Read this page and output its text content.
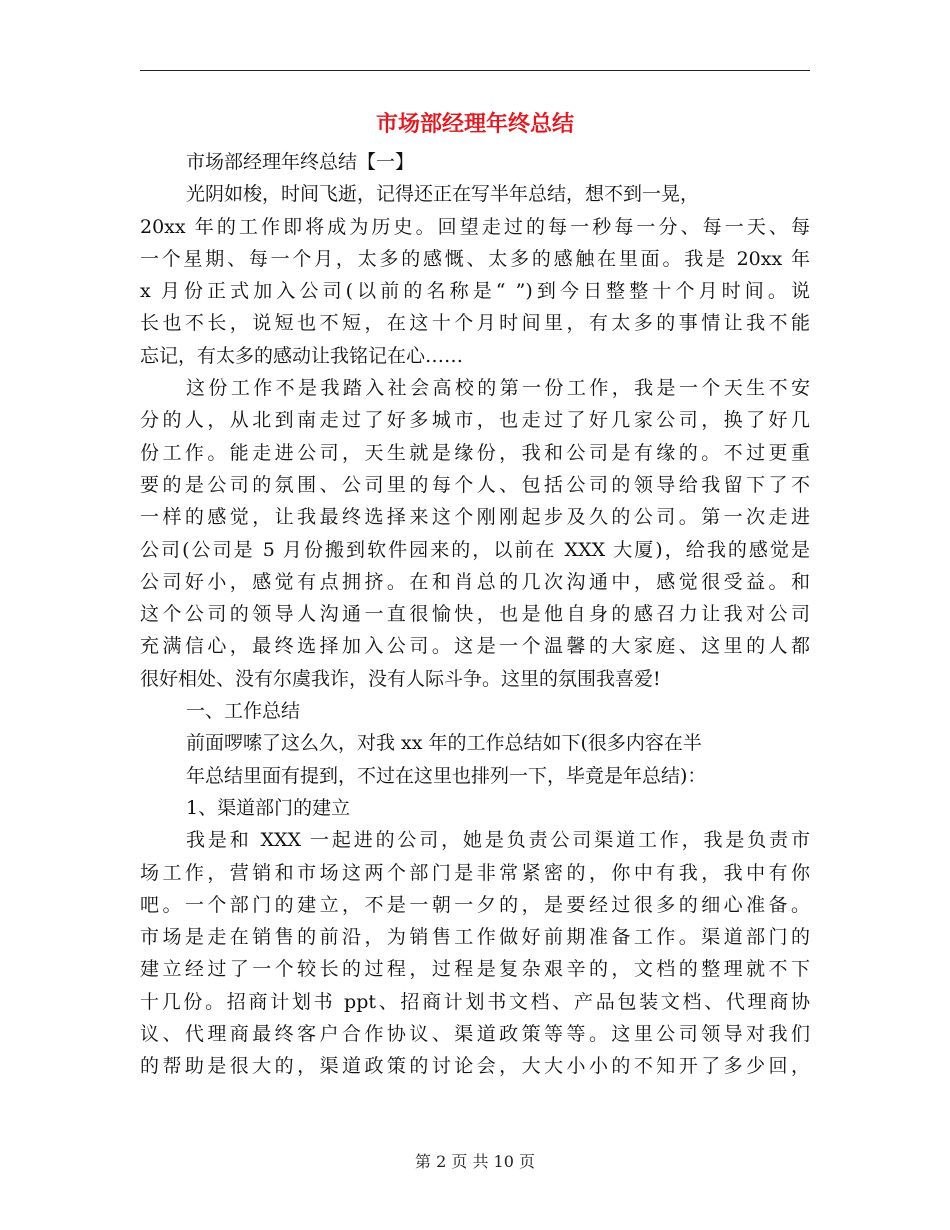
市场部经理年终总结
市场部经理年终总结【一】
光阴如梭，时间飞逝，记得还正在写半年总结，想不到一晃，
20xx 年的工作即将成为历史。回望走过的每一秒每一分、每一天、每
一个星期、每一个月，太多的感慨、太多的感触在里面。我是 20xx 年
x 月份正式加入公司(以前的名称是“ ”)到今日整整十个月时间。说
长也不长，说短也不短，在这十个月时间里，有太多的事情让我不能
忘记，有太多的感动让我铭记在心……
这份工作不是我踏入社会高校的第一份工作，我是一个天生不安
分的人，从北到南走过了好多城市，也走过了好几家公司，换了好几
份工作。能走进公司，天生就是缘份，我和公司是有缘的。不过更重
要的是公司的氛围、公司里的每个人、包括公司的领导给我留下了不
一样的感觉，让我最终选择来这个刚刚起步及久的公司。第一次走进
公司(公司是 5 月份搬到软件园来的，以前在 XXX 大厦)，给我的感觉是
公司好小，感觉有点拥挤。在和肖总的几次沟通中，感觉很受益。和
这个公司的领导人沟通一直很愉快，也是他自身的感召力让我对公司
充满信心，最终选择加入公司。这是一个温馨的大家庭、这里的人都
很好相处、没有尔虞我诈，没有人际斗争。这里的氛围我喜爱!
一、工作总结
前面啰嗦了这么久，对我 xx 年的工作总结如下(很多内容在半
年总结里面有提到，不过在这里也排列一下，毕竟是年总结)：
1、渠道部门的建立
我是和 XXX 一起进的公司，她是负责公司渠道工作，我是负责市
场工作，营销和市场这两个部门是非常紧密的，你中有我，我中有你
吧。一个部门的建立，不是一朝一夕的，是要经过很多的细心准备。
市场是走在销售的前沿，为销售工作做好前期准备工作。渠道部门的
建立经过了一个较长的过程，过程是复杂艰辛的，文档的整理就不下
十几份。招商计划书 ppt、招商计划书文档、产品包装文档、代理商协
议、代理商最终客户合作协议、渠道政策等等。这里公司领导对我们
的帮助是很大的，渠道政策的讨论会，大大小小的不知开了多少回，
第 2 页 共 10 页
